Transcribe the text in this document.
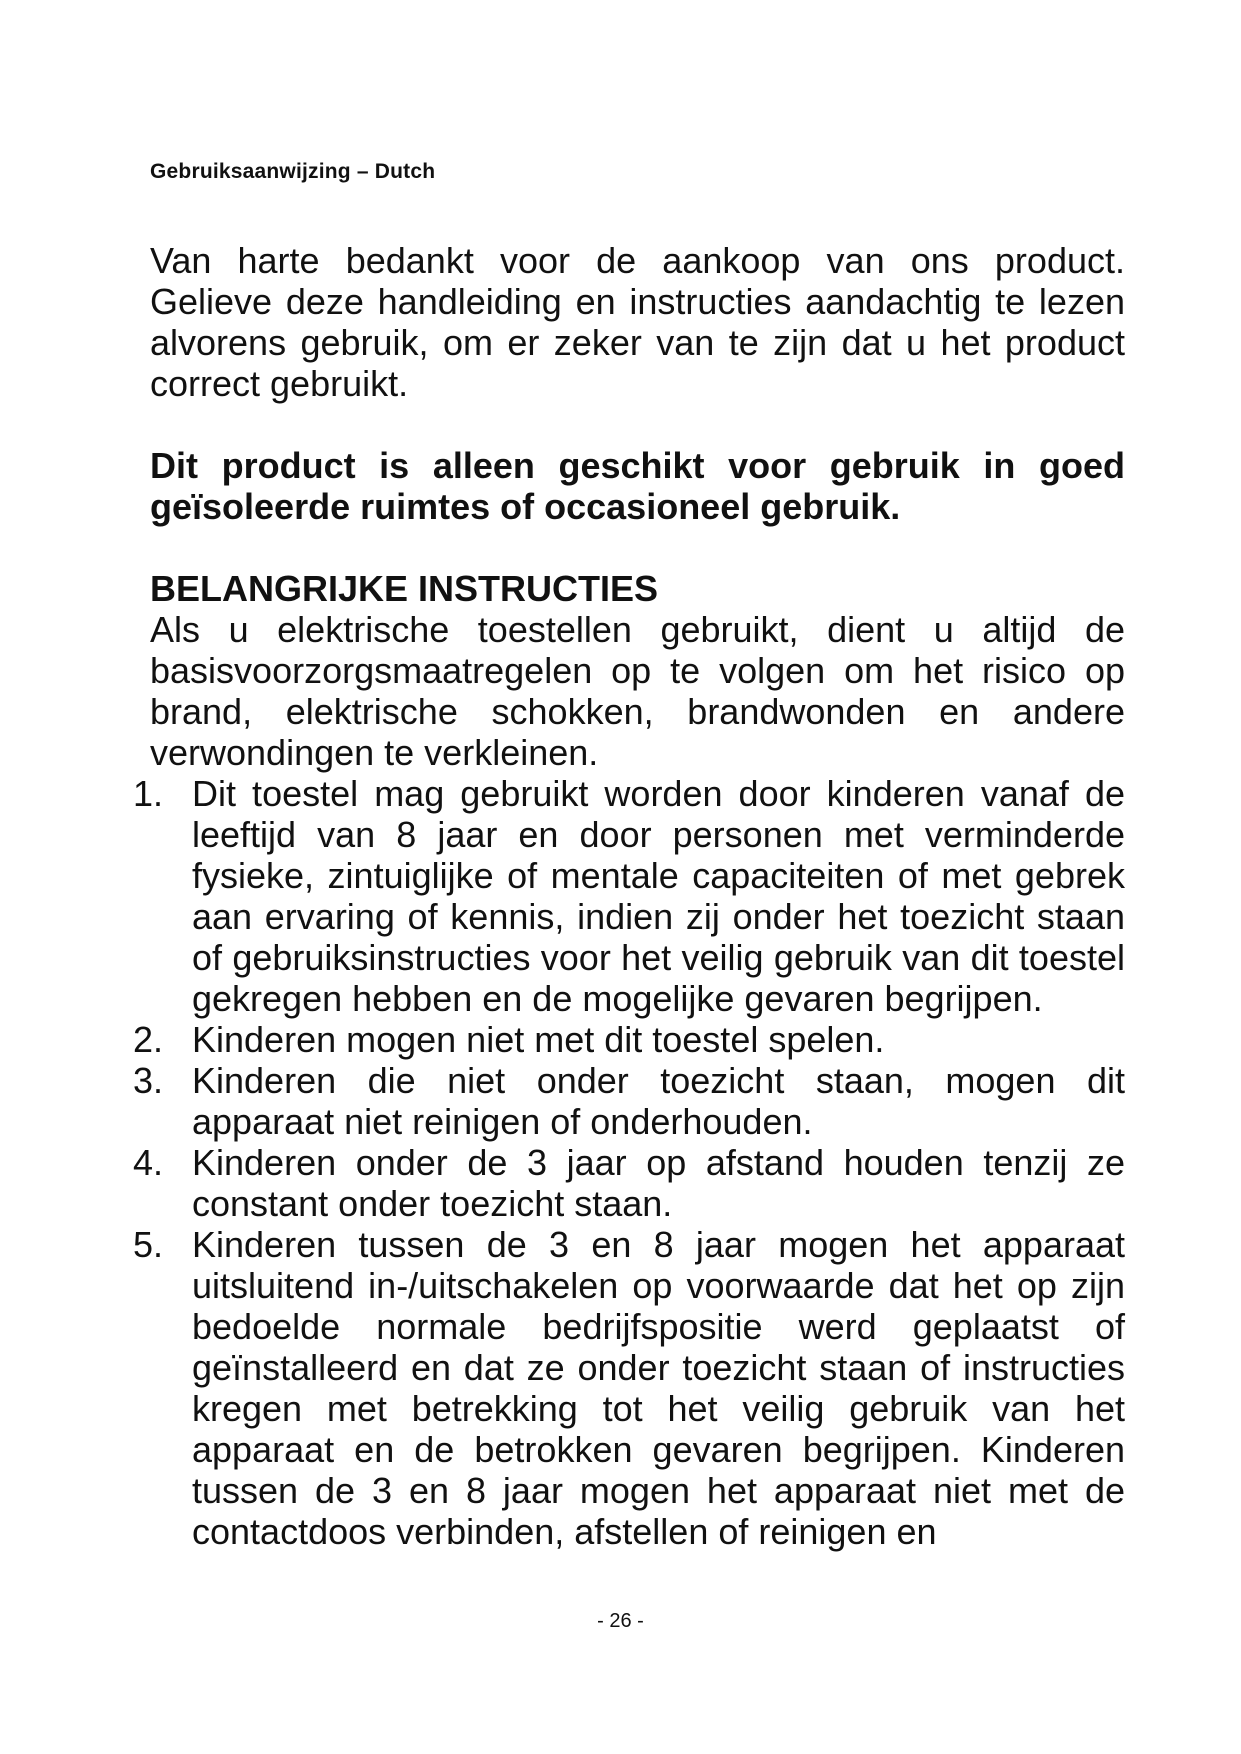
Gebruiksaanwijzing – Dutch

Van harte bedankt voor de aankoop van ons product. Gelieve deze handleiding en instructies aandachtig te lezen alvorens gebruik, om er zeker van te zijn dat u het product correct gebruikt.

Dit product is alleen geschikt voor gebruik in goed geïsoleerde ruimtes of occasioneel gebruik.

BELANGRIJKE INSTRUCTIES

Als u elektrische toestellen gebruikt, dient u altijd de basisvoorzorgsmaatregelen op te volgen om het risico op brand, elektrische schokken, brandwonden en andere verwondingen te verkleinen.

1. Dit toestel mag gebruikt worden door kinderen vanaf de leeftijd van 8 jaar en door personen met verminderde fysieke, zintuiglijke of mentale capaciteiten of met gebrek aan ervaring of kennis, indien zij onder het toezicht staan of gebruiksinstructies voor het veilig gebruik van dit toestel gekregen hebben en de mogelijke gevaren begrijpen.
2. Kinderen mogen niet met dit toestel spelen.
3. Kinderen die niet onder toezicht staan, mogen dit apparaat niet reinigen of onderhouden.
4. Kinderen onder de 3 jaar op afstand houden tenzij ze constant onder toezicht staan.
5. Kinderen tussen de 3 en 8 jaar mogen het apparaat uitsluitend in-/uitschakelen op voorwaarde dat het op zijn bedoelde normale bedrijfspositie werd geplaatst of geïnstalleerd en dat ze onder toezicht staan of instructies kregen met betrekking tot het veilig gebruik van het apparaat en de betrokken gevaren begrijpen. Kinderen tussen de 3 en 8 jaar mogen het apparaat niet met de contactdoos verbinden, afstellen of reinigen en
- 26 -
